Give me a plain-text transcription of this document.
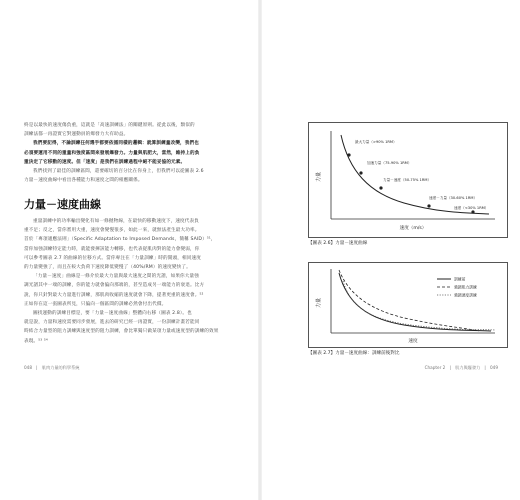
終是以最快的速度傷負重，這就是「高速訓練法」的關鍵原則。從此以後，類似的

訓練法都一再證實它對運動員的爆發力大有助益。

我們要記得，不論訓練任何選手都要依循同樣的邏輯：就算訓練量改變，我們也

必須要運用不同的重量和強度區間來發展爆發力。力量與肌肥大，當然，維持上的負

重決定了它移動的速度。但「速度」是我們在訓練過程中絕不能妥協的元素。

我們找到了最佳的訓練區間，還要確切的百分比在你身上，但我們可以從圖表 2.6

力量－速度曲線中看出各種能力和速度之間的相應關係。

力量－速度曲線

重量訓練中的功率輸出變化有如一條拋物線，在最快的移動速度下，速度代表負

重不足；反之，當你嘗用大重，速度會變慢很多，如此一來，就無法產生最大功率。

首於「專項適應法則」（Specific Adaptation to Imposed Demands，簡稱 SAID）⁵¹，

當你加強訓練特定能力時，就能發揮該能力轉移，也代表從肌肉對的能力會變弱，你

可以參考圖表 2.7 的曲線的位移方式。當你專注在「力量訓練」時的開頭，相同速度

的力量變強了，而且在較大負荷下速度降低變慢了（40%/RM）的速度變快了。

「力量－速度」曲線是一條介於最大力量與最大速度之間的光譜，如果你大量強

調光譜其中一端的訓練，你的能力就會偏向那端的，甚至造成另一端能力的衰退。比方

說，你只針對最大力量進行訓練，那肌肉收縮的速度就會下降，提著更重的速度會。⁵²

正如你在這一張圖表所見，只偏向一個區間的訓練必然會付出代價。

圖找運動的訓練目標是，要「力量－速度曲線」整體向右移（圖表 2.8）。也

就是說，力量和速度需要同步發展，進去的研究已經一再證實，一份訓練計畫若能同

時結合力量型的阻力訓練與速度型的阻力訓練，會比單獨只做某項力量或速度型的訓練的效果

表現。⁵³ ⁵⁴

048　|　肌肉力量的科學系統
力量
速度（m/s）
最大力量（>90% 1RM）
加速力量（75-90% 1RM）
力量－速度（50-75% 1RM）
速度－力量（30-60% 1RM）
速度（<30% 1RM）
【圖表 2.6】力量－速度曲線
力量
速度
訓練前
強調肌力訓練
強調速度訓練
【圖表 2.7】力量－速度曲線：訓練前後對比
Chapter 2　|　肌力與爆發力　|　049
